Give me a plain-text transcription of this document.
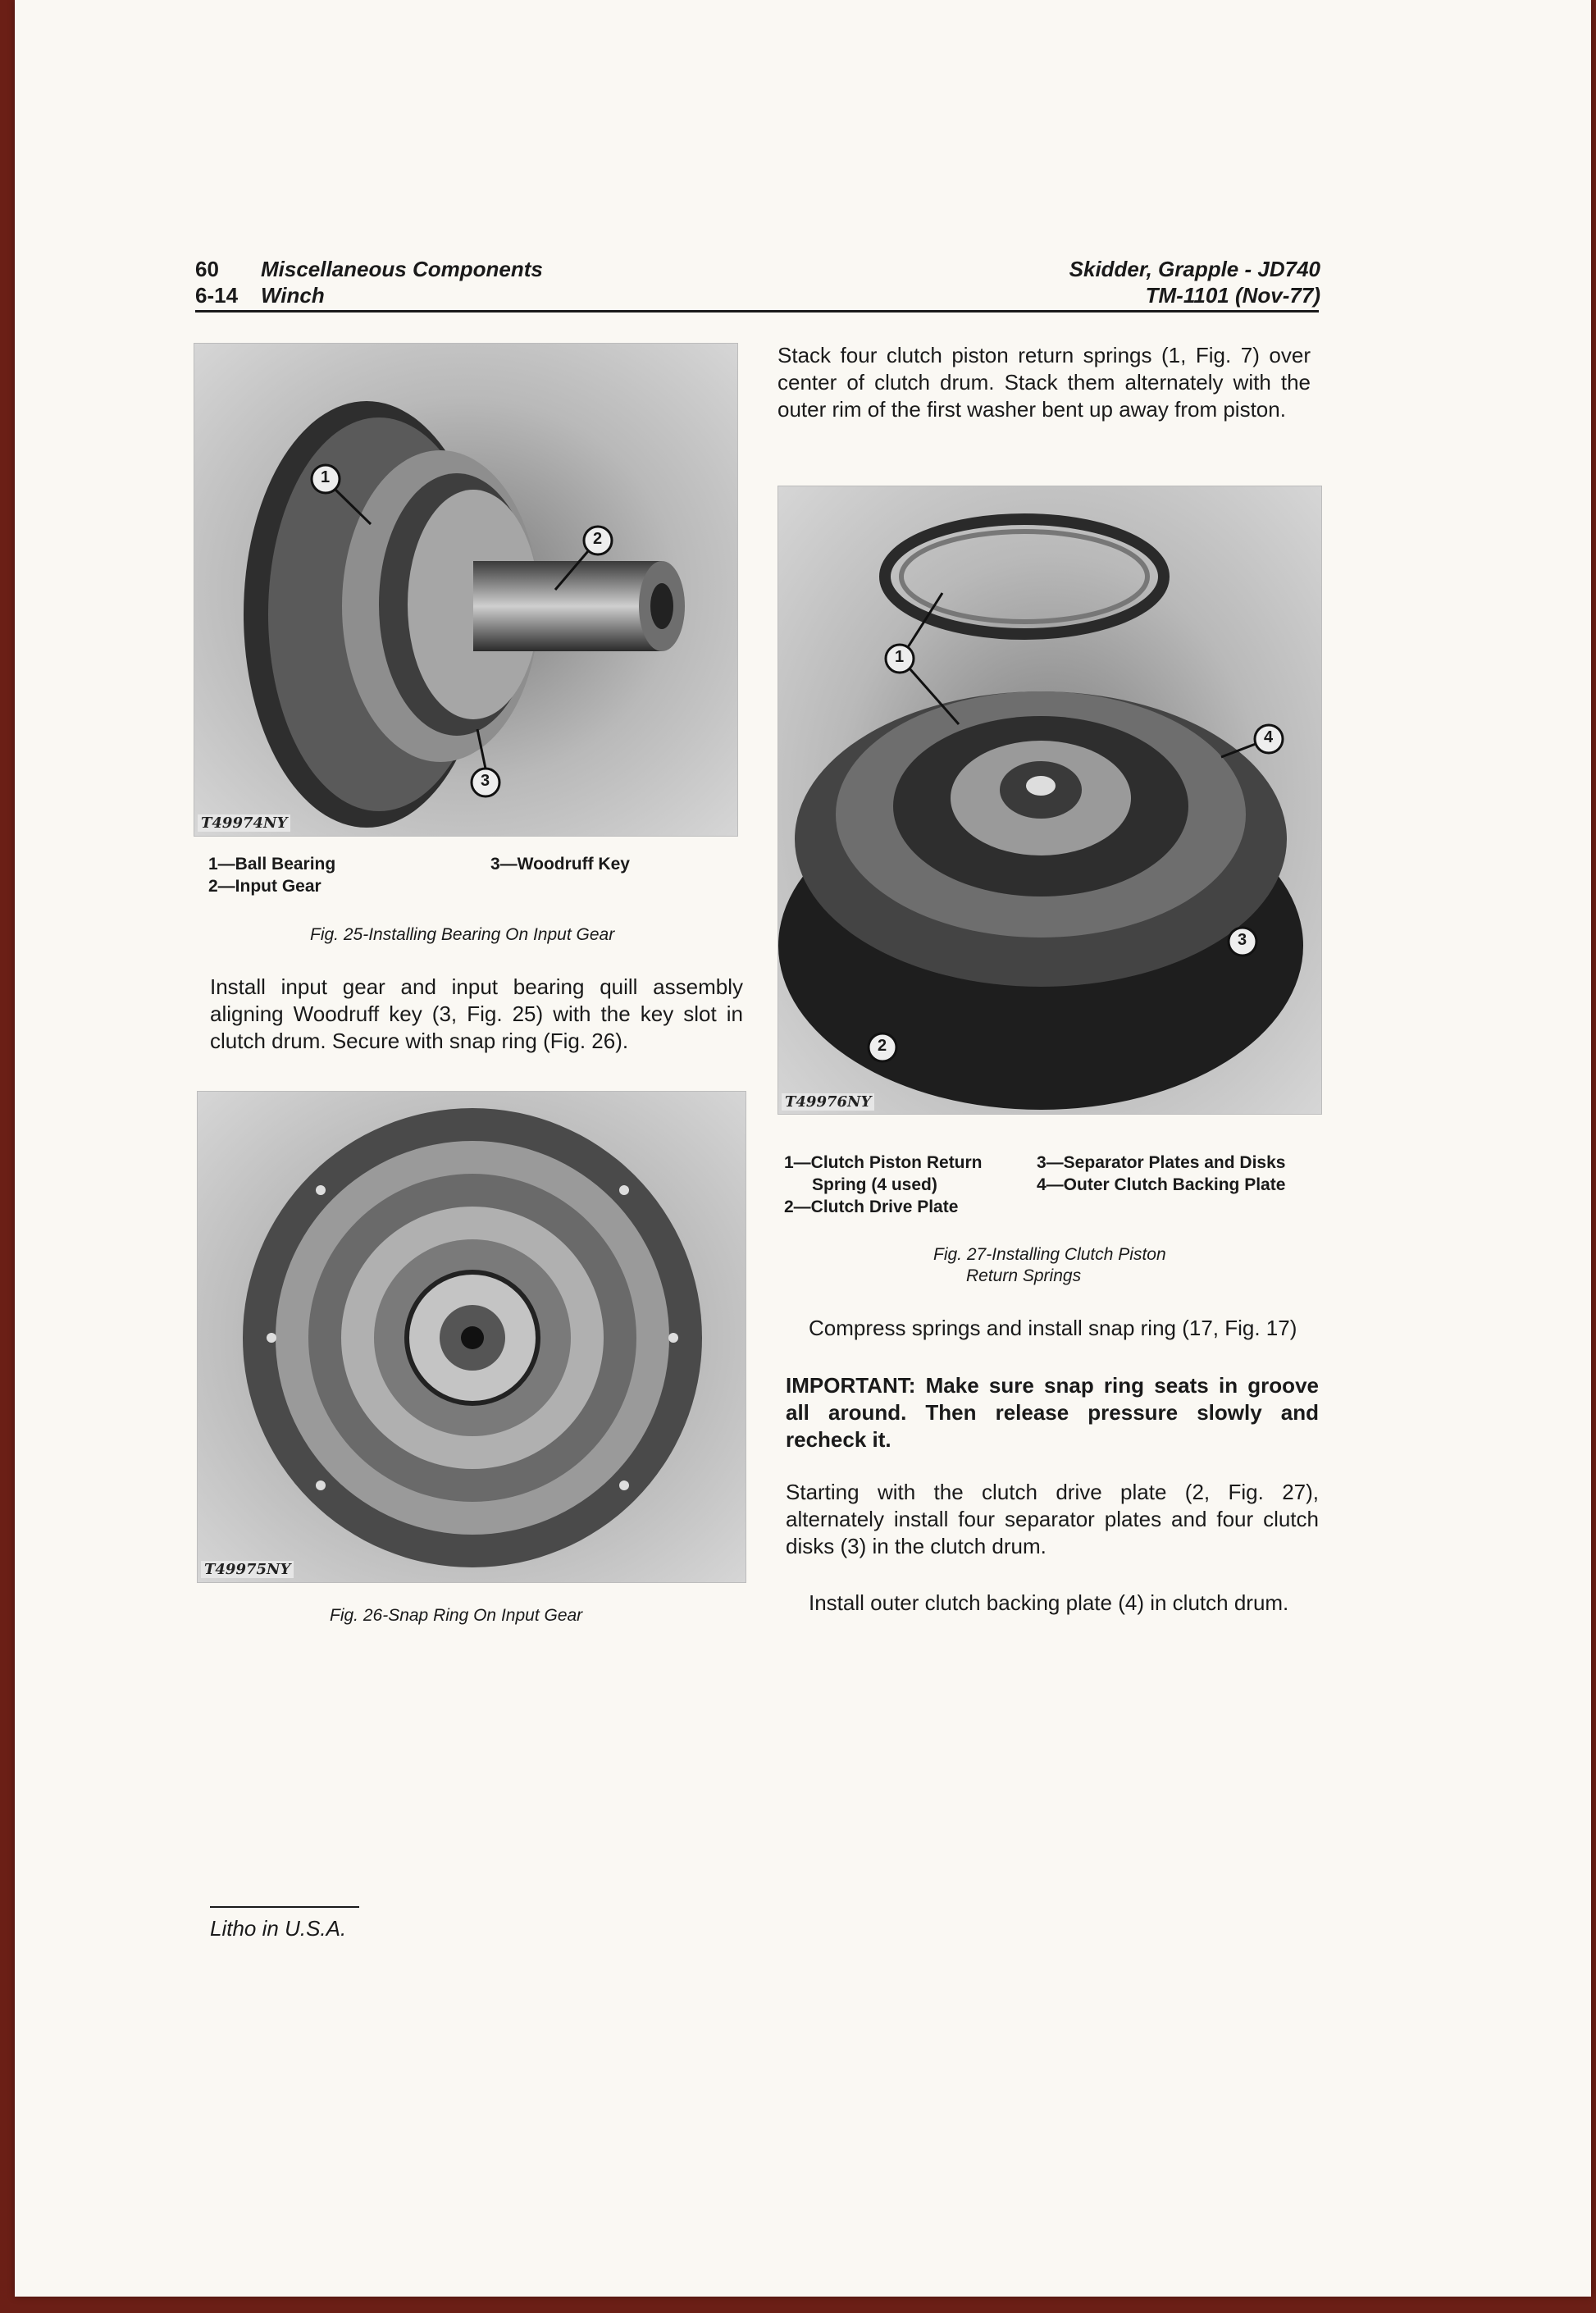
60 Miscellaneous Components
6-14 Winch
Skidder, Grapple - JD740
TM-1101 (Nov-77)
1
2
3
T49974NY
1—Ball Bearing
2—Input Gear
3—Woodruff Key
Fig. 25-Installing Bearing On Input Gear
Install input gear and input bearing quill assembly aligning Woodruff key (3, Fig. 25) with the key slot in clutch drum. Secure with snap ring (Fig. 26).
T49975NY
Fig. 26-Snap Ring On Input Gear
Stack four clutch piston return springs (1, Fig. 7) over center of clutch drum. Stack them alternately with the outer rim of the first washer bent up away from piston.
1
2
3
4
T49976NY
1—Clutch Piston Return
Spring (4 used)
2—Clutch Drive Plate
3—Separator Plates and Disks
4—Outer Clutch Backing Plate
Fig. 27-Installing Clutch Piston
Return Springs
Compress springs and install snap ring (17, Fig. 17)
IMPORTANT: Make sure snap ring seats in groove all around. Then release pressure slowly and recheck it.
Starting with the clutch drive plate (2, Fig. 27), alternately install four separator plates and four clutch disks (3) in the clutch drum.
Install outer clutch backing plate (4) in clutch drum.
Litho in U.S.A.
